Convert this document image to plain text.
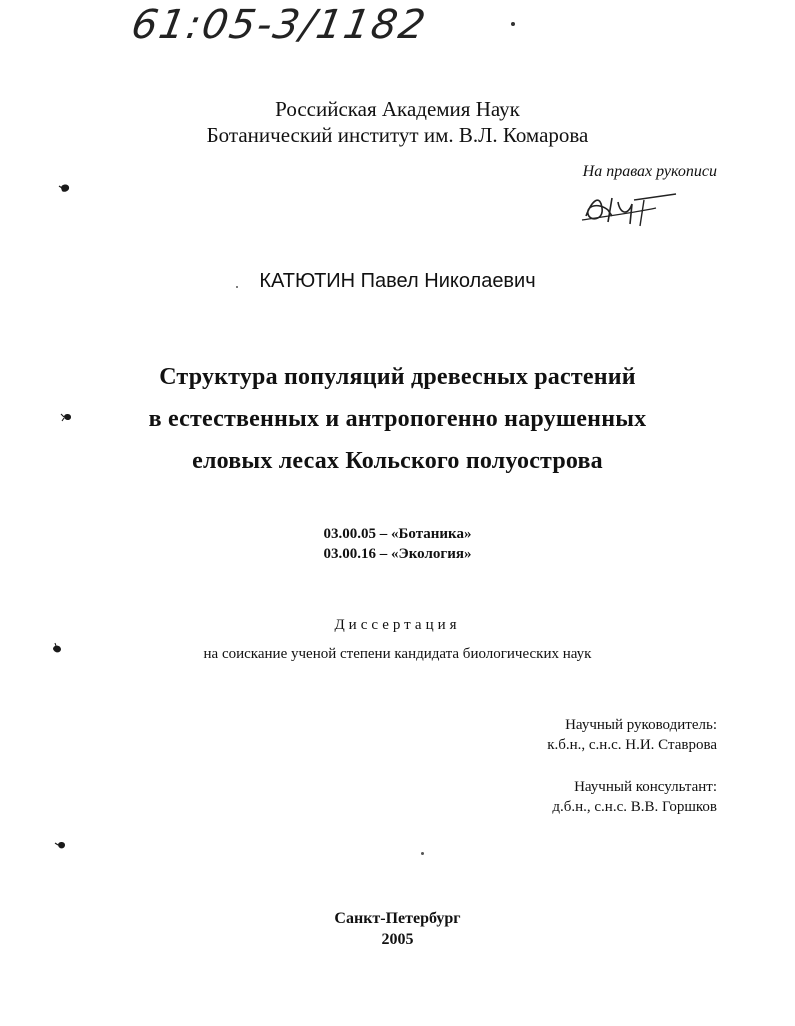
61:05-3/1182
Российская Академия Наук
Ботанический институт им. В.Л. Комарова
На правах рукописи
КАТЮТИН Павел Николаевич
Структура популяций древесных растений
в естественных и антропогенно нарушенных
еловых лесах Кольского полуострова
03.00.05 – «Ботаника»
03.00.16 – «Экология»
Диссертация
на соискание ученой степени кандидата биологических наук
Научный руководитель:
к.б.н., с.н.с. Н.И. Ставрова
Научный консультант:
д.б.н., с.н.с. В.В. Горшков
Санкт-Петербург
2005
